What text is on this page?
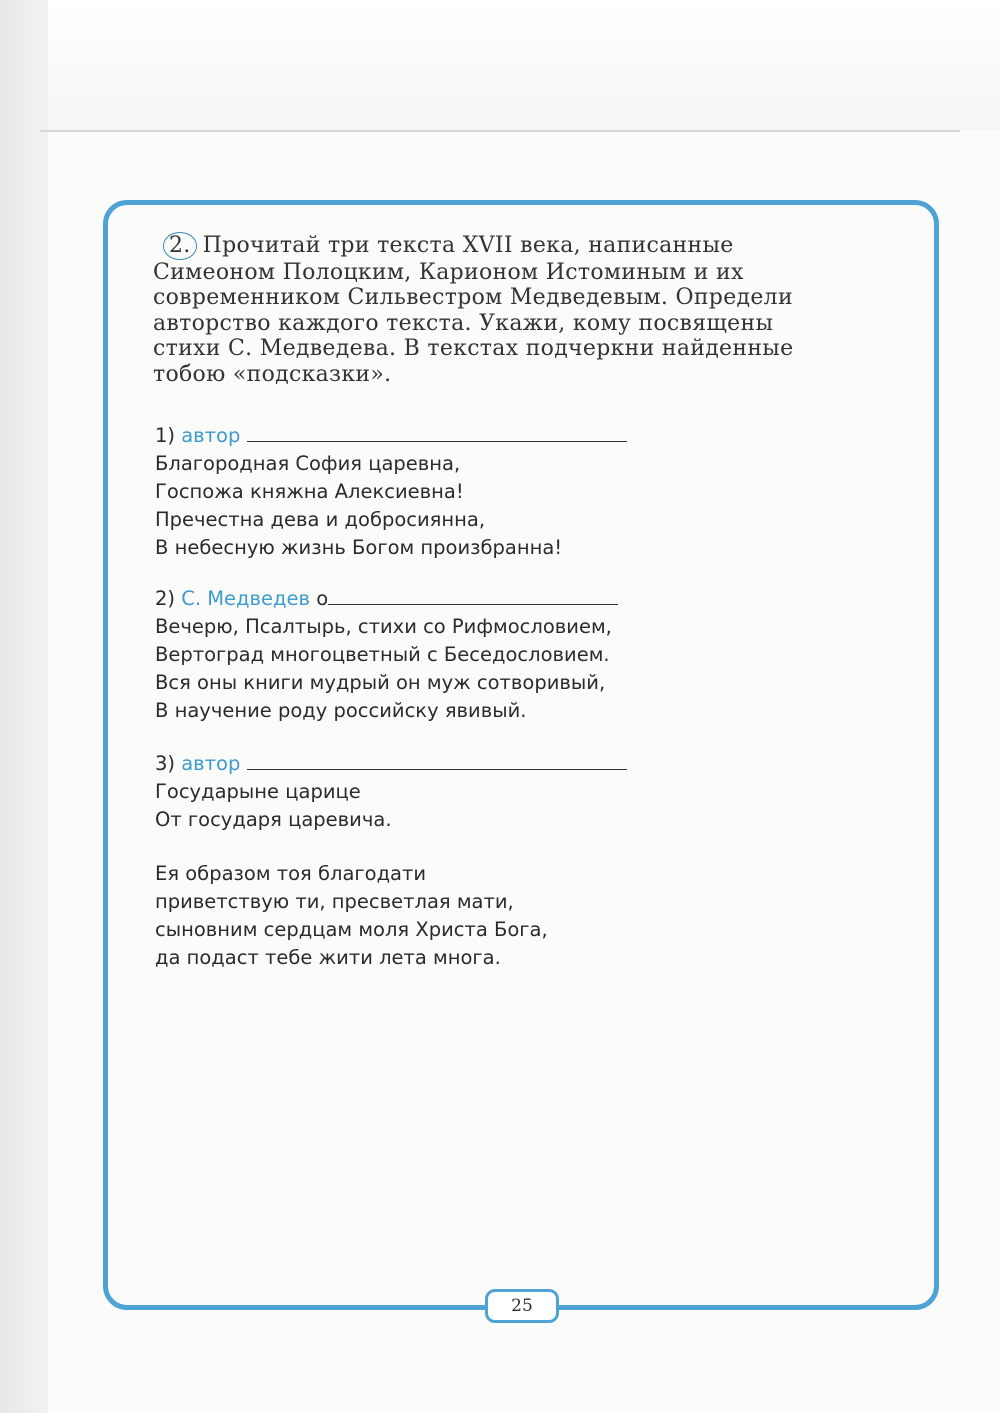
2. Прочитай три текста XVII века, написанные
Симеоном Полоцким, Карионом Истоминым и их
современником Сильвестром Медведевым. Определи
авторство каждого текста. Укажи, кому посвящены
стихи С. Медведева. В текстах подчеркни найденные
тобою «подсказки».
1) автор
Благородная София царевна,
Госпожа княжна Алексиевна!
Пречестна дева и добросиянна,
В небесную жизнь Богом произбранна!
2) С. Медведев о
Вечерю, Псалтырь, стихи со Рифмословием,
Вертоград многоцветный с Беседословием.
Вся оны книги мудрый он муж сотворивый,
В научение роду российску явивый.
3) автор
Государыне царице
От государя царевича.
Ея образом тоя благодати
приветствую ти, пресветлая мати,
сыновним сердцам моля Христа Бога,
да подаст тебе жити лета многа.
25
